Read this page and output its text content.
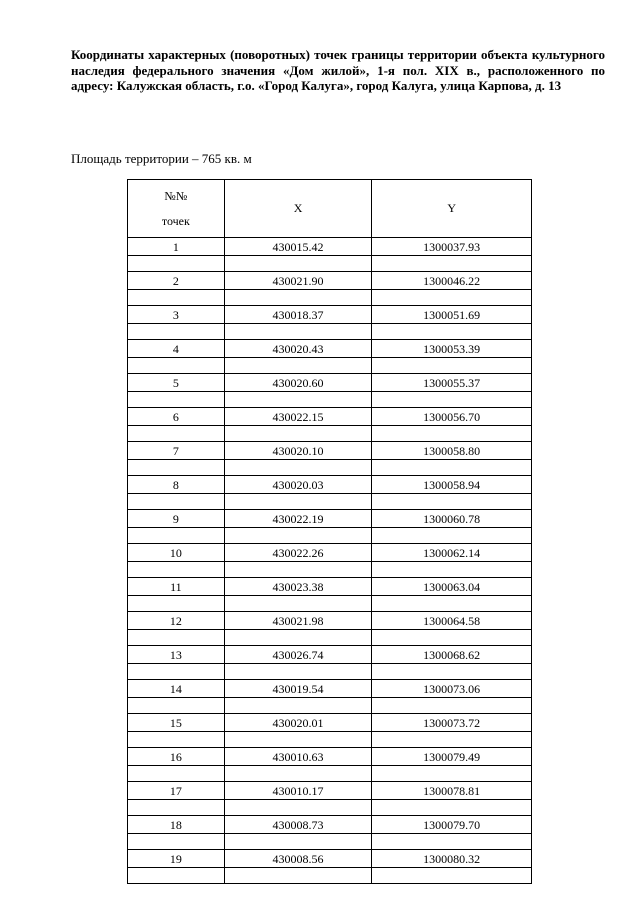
Координаты характерных (поворотных) точек границы территории объекта культурного наследия федерального значения «Дом жилой», 1-я пол. XIX в., расположенного по адресу: Калужская область, г.о. «Город Калуга», город Калуга, улица Карпова, д. 13

Площадь территории – 765 кв. м

№№
точек	X	Y
1	430015.42	1300037.93

2	430021.90	1300046.22

3	430018.37	1300051.69

4	430020.43	1300053.39

5	430020.60	1300055.37

6	430022.15	1300056.70

7	430020.10	1300058.80

8	430020.03	1300058.94

9	430022.19	1300060.78

10	430022.26	1300062.14

11	430023.38	1300063.04

12	430021.98	1300064.58

13	430026.74	1300068.62

14	430019.54	1300073.06

15	430020.01	1300073.72

16	430010.63	1300079.49

17	430010.17	1300078.81

18	430008.73	1300079.70

19	430008.56	1300080.32
